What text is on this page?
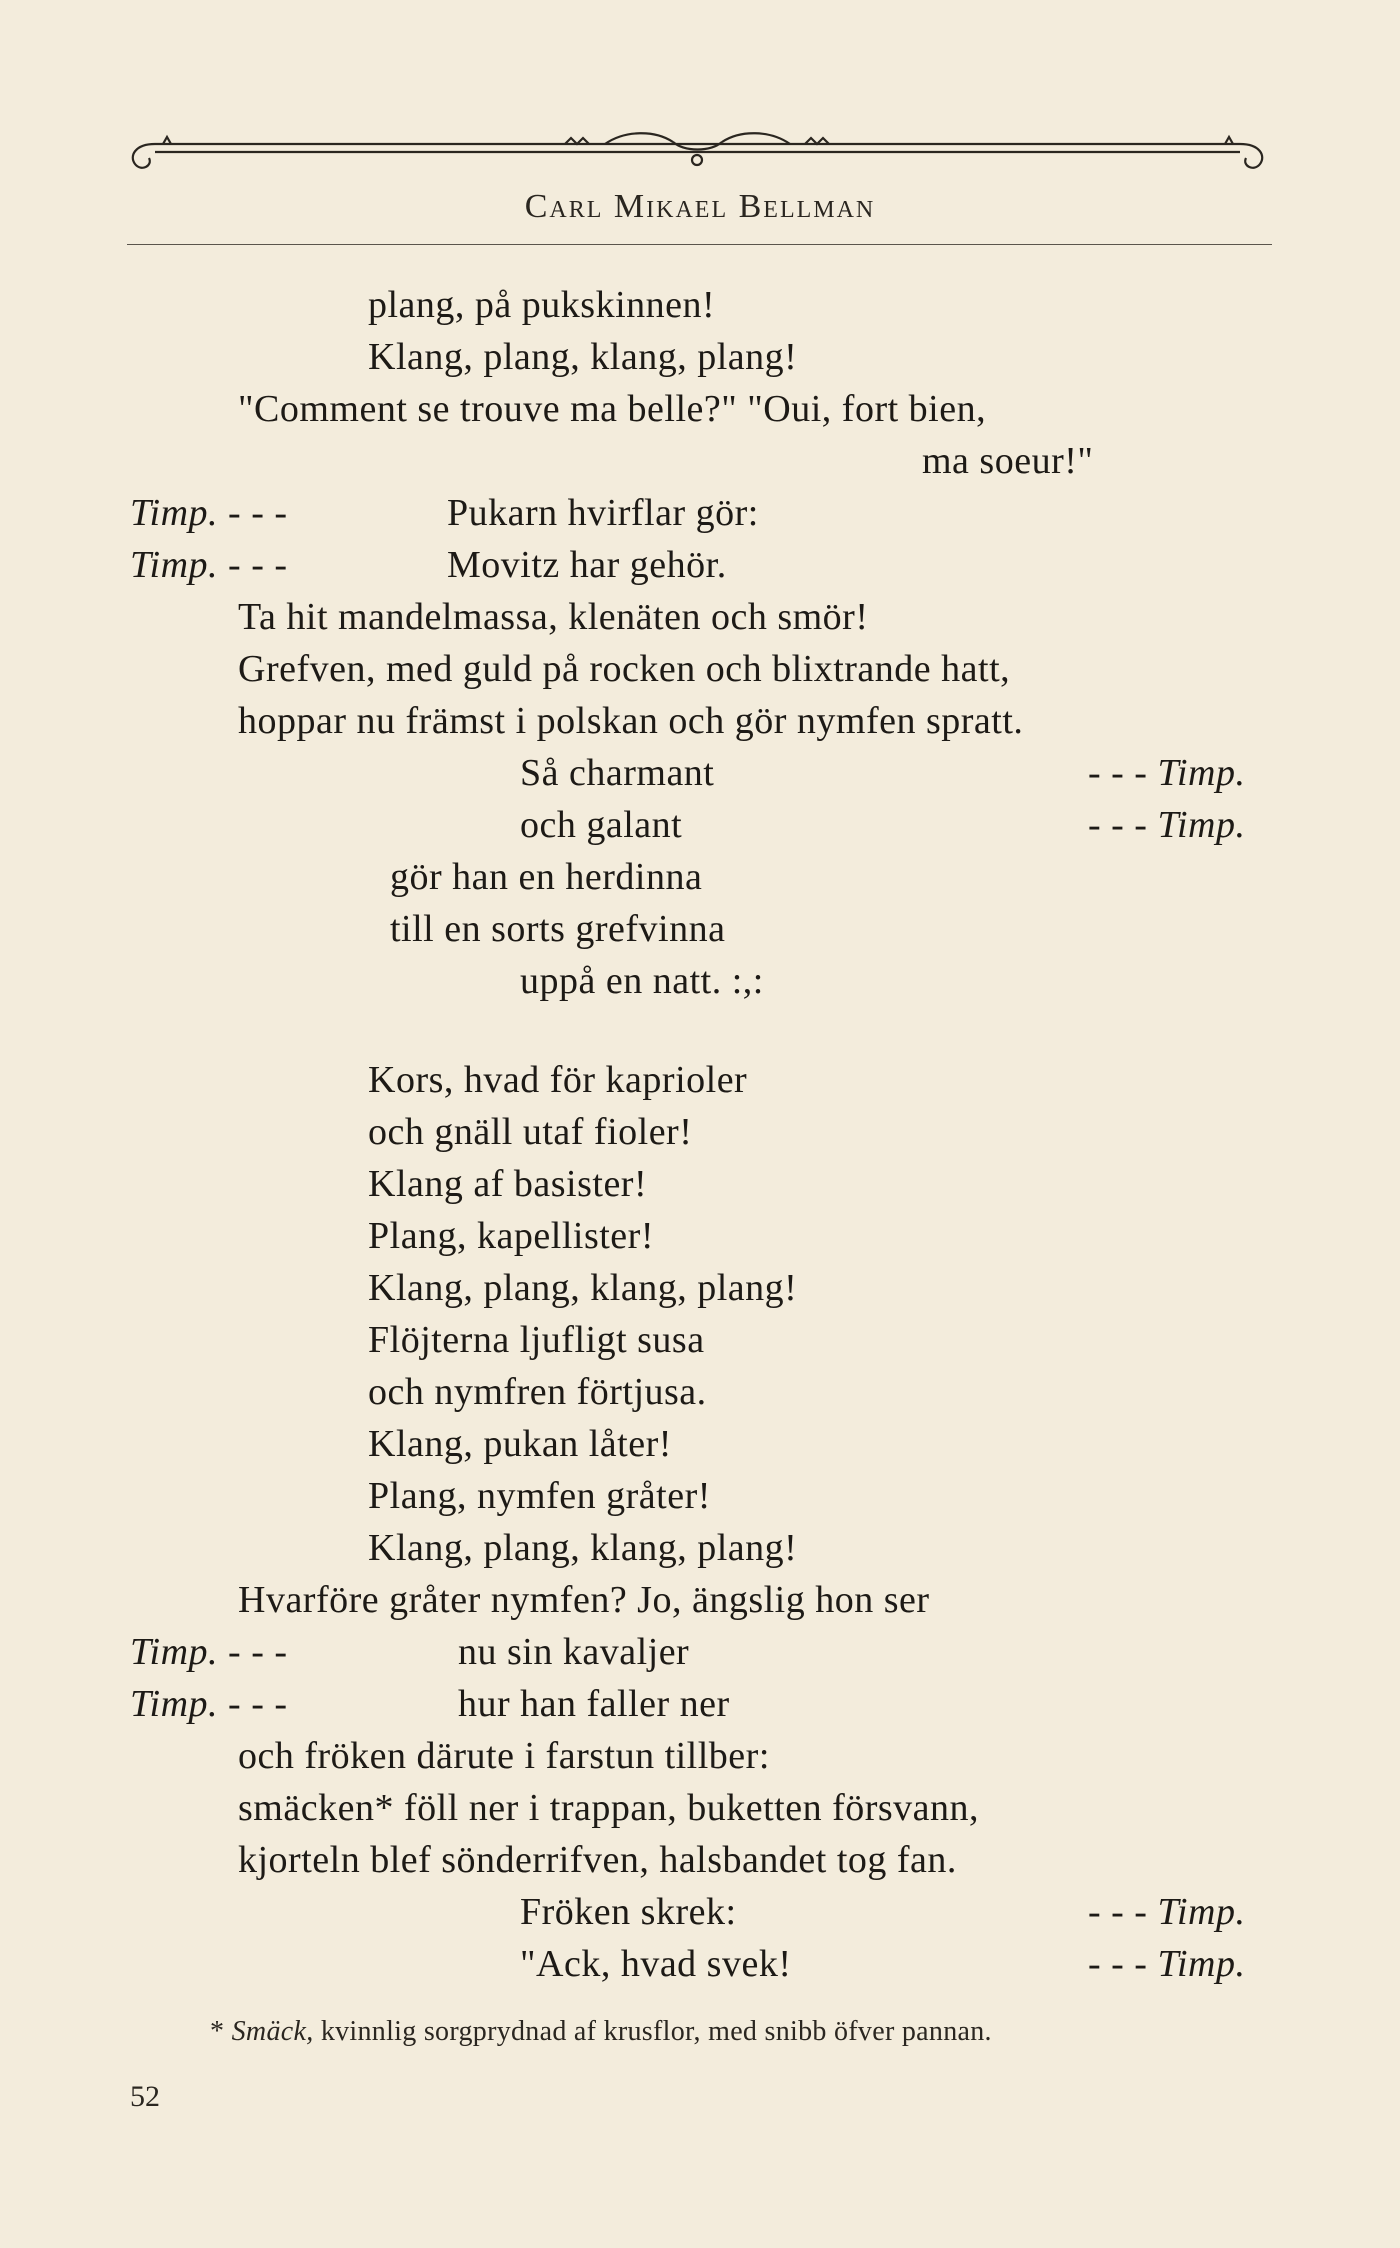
Carl Mikael Bellman
plang, på pukskinnen!
Klang, plang, klang, plang!
"Comment se trouve ma belle?" "Oui, fort bien,
ma soeur!"
Timp. - - -	Pukarn hvirflar gör:
Timp. - - -	Movitz har gehör.
Ta hit mandelmassa, klenäten och smör!
Grefven, med guld på rocken och blixtrande hatt,
hoppar nu främst i polskan och gör nymfen spratt.
Så charmant	- - - Timp.
och galant	- - - Timp.
gör han en herdinna
till en sorts grefvinna
uppå en natt. :,:
Kors, hvad för kaprioler
och gnäll utaf fioler!
Klang af basister!
Plang, kapellister!
Klang, plang, klang, plang!
Flöjterna ljufligt susa
och nymfren förtjusa.
Klang, pukan låter!
Plang, nymfen gråter!
Klang, plang, klang, plang!
Hvarföre gråter nymfen? Jo, ängslig hon ser
Timp. - - -	nu sin kavaljer
Timp. - - -	hur han faller ner
och fröken därute i farstun tillber:
smäcken* föll ner i trappan, buketten försvann,
kjorteln blef sönderrifven, halsbandet tog fan.
Fröken skrek:	- - - Timp.
"Ack, hvad svek!	- - - Timp.
* Smäck, kvinnlig sorgprydnad af krusflor, med snibb öfver pannan.
52
